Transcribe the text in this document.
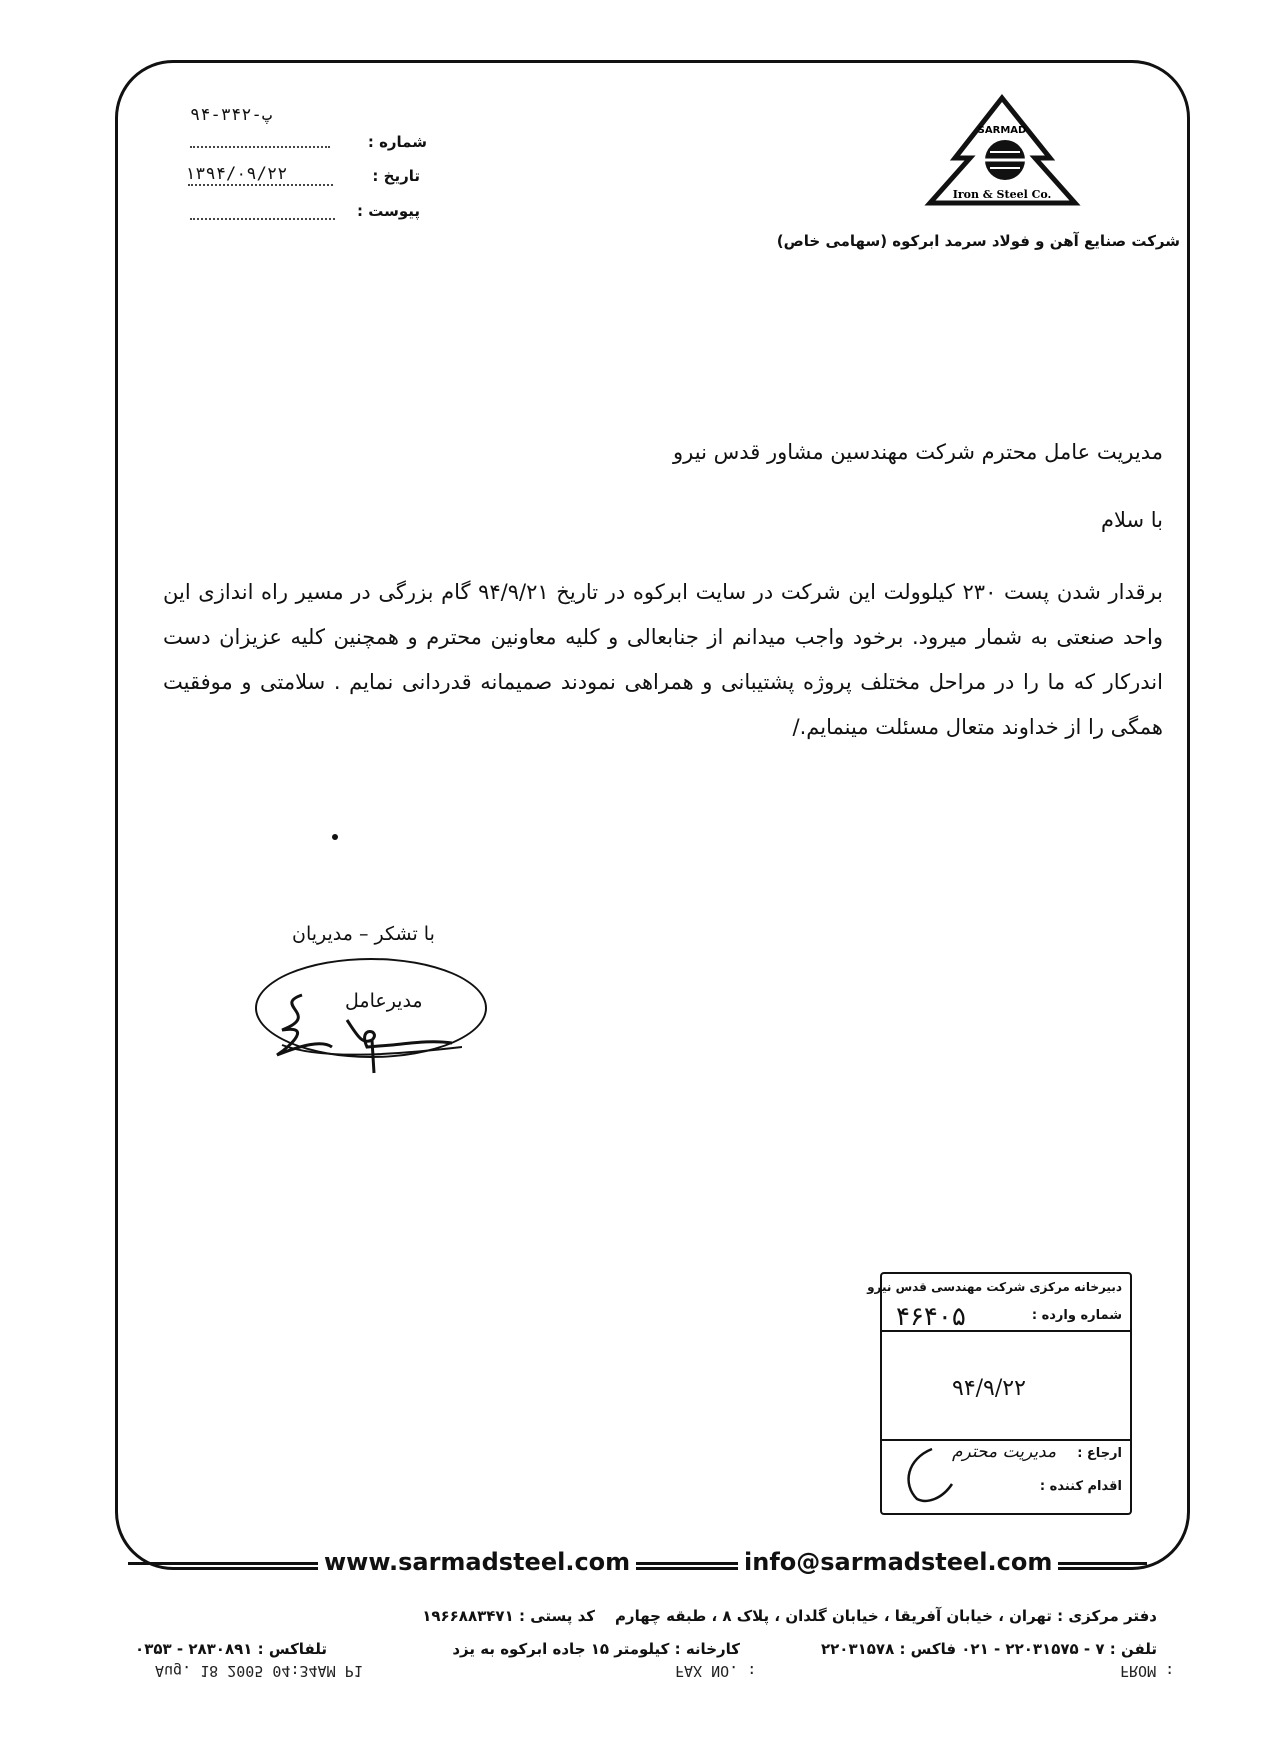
SARMAD
Iron & Steel Co.
شرکت صنایع آهن و فولاد سرمد ابرکوه (سهامی خاص)
شماره :
پ-۳۴۲-۹۴
تاریخ :
۱۳۹۴/۰۹/۲۲
پیوست :
مدیریت عامل محترم شرکت مهندسین مشاور قدس نیرو
با سلام
برقدار شدن پست ۲۳۰ کیلوولت این شرکت در سایت ابرکوه در تاریخ ۹۴/۹/۲۱ گام بزرگی در مسیر راه اندازی این واحد صنعتی به شمار میرود. برخود واجب میدانم از جنابعالی و کلیه معاونین محترم و همچنین کلیه عزیزان دست اندرکار که ما را در مراحل مختلف پروژه پشتیبانی و همراهی نمودند صمیمانه قدردانی نمایم . سلامتی و موفقیت همگی را از خداوند متعال مسئلت مینمایم./
با تشکر – مدیریان
مدیرعامل
دبیرخانه مرکزی شرکت مهندسی قدس نیرو
شماره وارده :
۴۶۴۰۵
۹۴/۹/۲۲
ارجاع :
مدیریت محترم
اقدام کننده :
www.sarmadsteel.com	info@sarmadsteel.com
دفتر مرکزی : تهران ، خیابان آفریقا ، خیابان گلدان ، پلاک ۸ ، طبقه چهارم
کد پستی : ۱۹۶۶۸۸۳۴۷۱
تلفن : ۷ - ۲۲۰۳۱۵۷۵ - ۰۲۱ فاکس : ۲۲۰۳۱۵۷۸
کارخانه : کیلومتر ۱۵ جاده ابرکوه به یزد
تلفاکس : ۲۸۳۰۸۹۱ - ۰۳۵۳
FROM :
FAX NO. :
Aug. 18 2005 04:34AM P1
